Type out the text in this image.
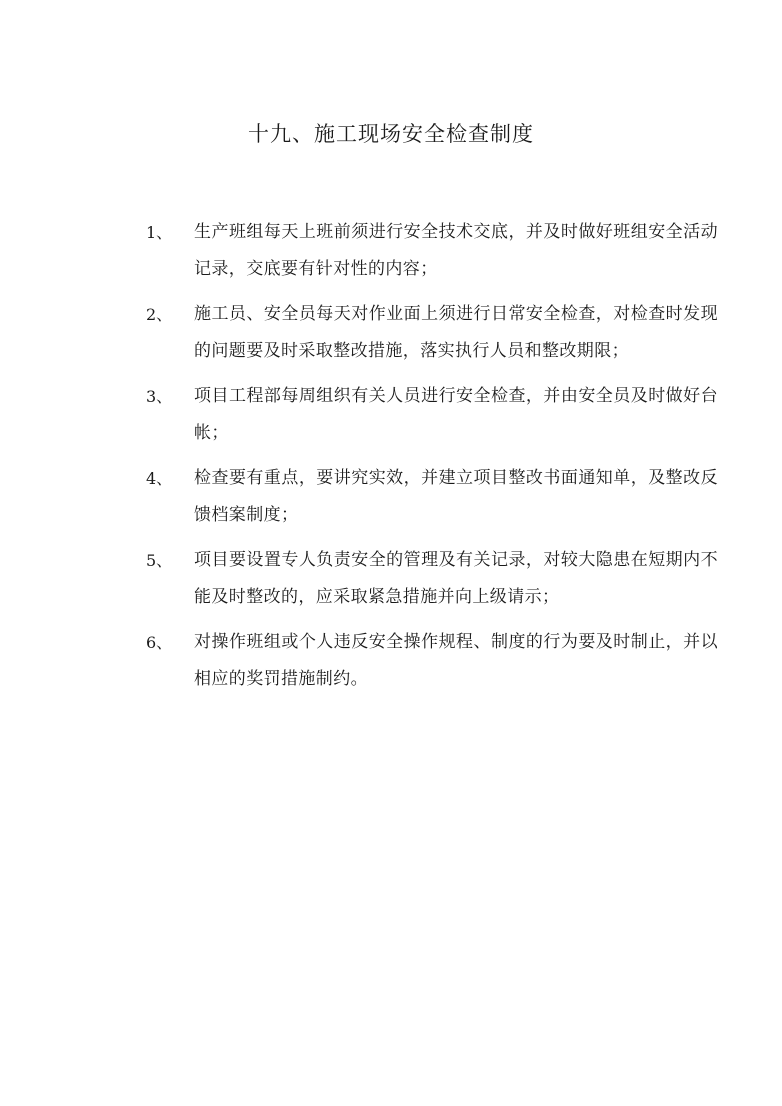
十九、施工现场安全检查制度
1、	生产班组每天上班前须进行安全技术交底，并及时做好班组安全活动记录，交底要有针对性的内容；
2、	施工员、安全员每天对作业面上须进行日常安全检查，对检查时发现的问题要及时采取整改措施，落实执行人员和整改期限；
3、	项目工程部每周组织有关人员进行安全检查，并由安全员及时做好台帐；
4、	检查要有重点，要讲究实效，并建立项目整改书面通知单，及整改反馈档案制度；
5、	项目要设置专人负责安全的管理及有关记录，对较大隐患在短期内不能及时整改的，应采取紧急措施并向上级请示；
6、	对操作班组或个人违反安全操作规程、制度的行为要及时制止，并以相应的奖罚措施制约。
